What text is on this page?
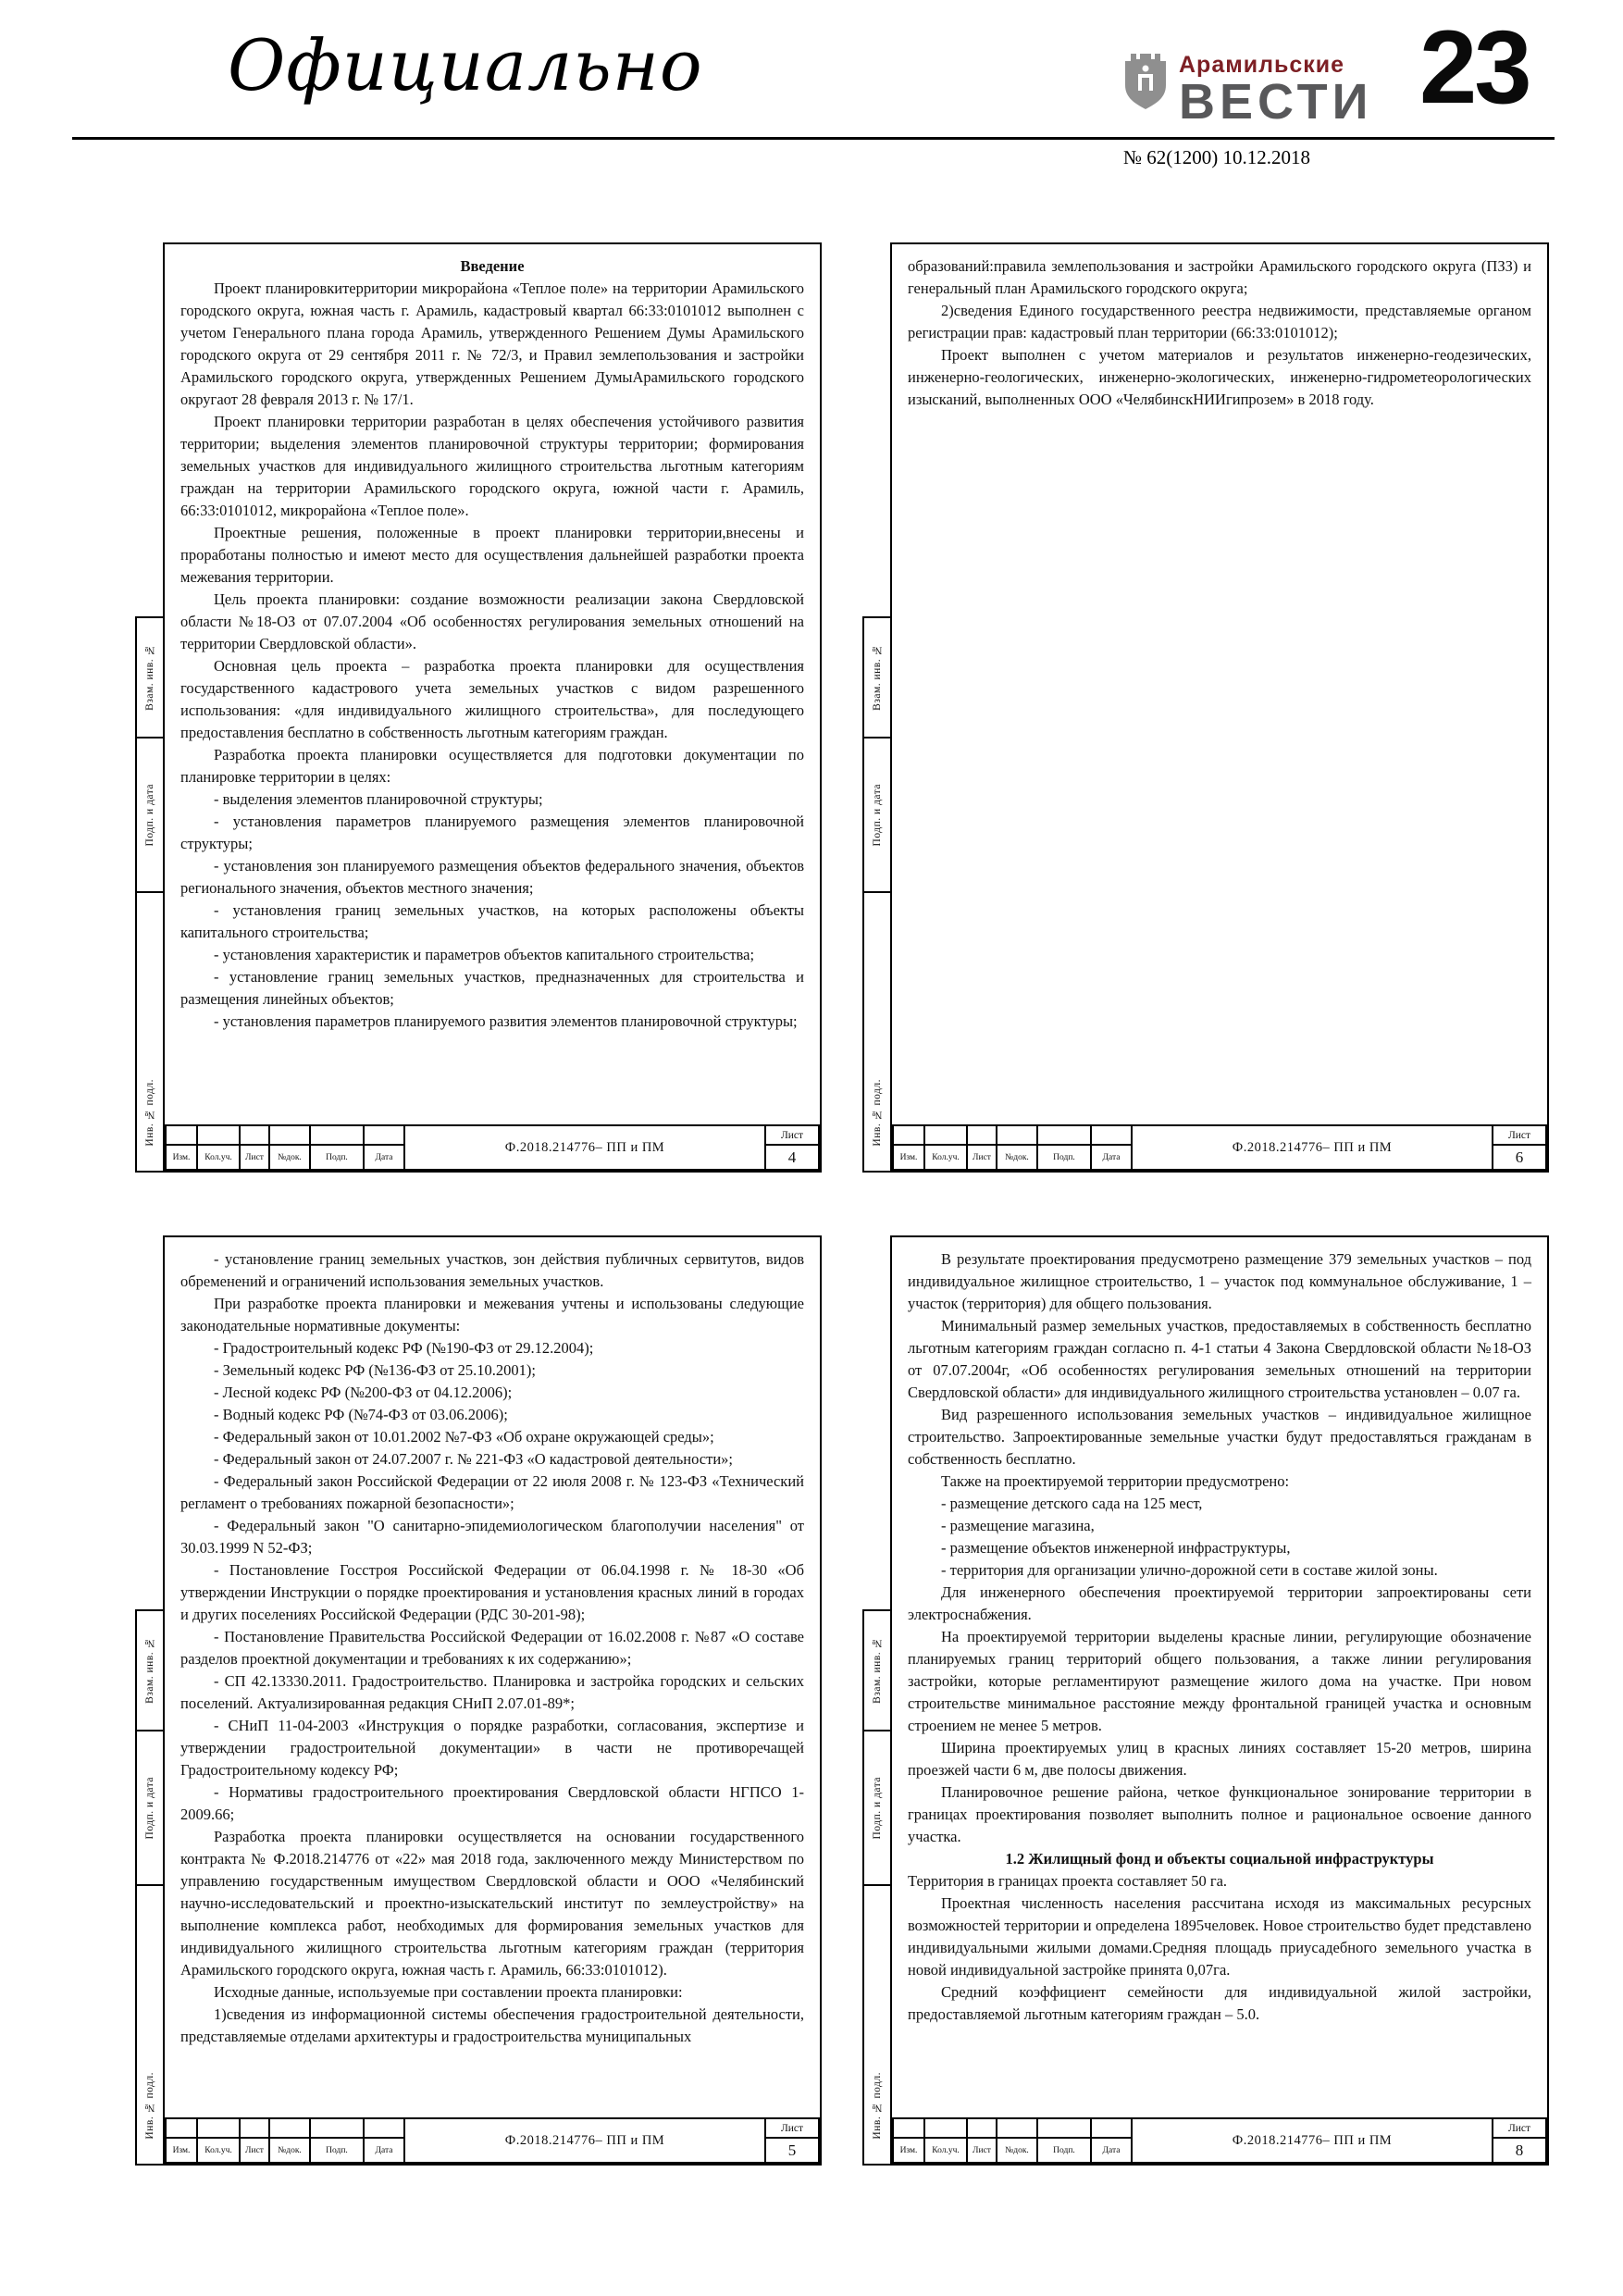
Официально	Арамильские
ВЕСТИ 23
№ 62(1200) 10.12.2018
Взам. инв. №
Подп. и дата
Инв. № подл.

Введение

Проект планировкитерритории микрорайона «Теплое поле» на территории Арамильского городского округа, южная часть г. Арамиль, кадастровый квартал 66:33:0101012 выполнен с учетом Генерального плана города Арамиль, утвержденного Решением Думы Арамильского городского округа от 29 сентября 2011 г. № 72/3, и Правил землепользования и застройки Арамильского городского округа, утвержденных Решением ДумыАрамильского городского округаот 28 февраля 2013 г. № 17/1.

Проект планировки территории разработан в целях обеспечения устойчивого развития территории; выделения элементов планировочной структуры территории; формирования земельных участков для индивидуального жилищного строительства льготным категориям граждан на территории Арамильского городского округа, южной части г. Арамиль, 66:33:0101012, микрорайона «Теплое поле».

Проектные решения, положенные в проект планировки территории,внесены и проработаны полностью и имеют место для осуществления дальнейшей разработки проекта межевания территории.

Цель проекта планировки: создание возможности реализации закона Свердловской области №18-ОЗ от 07.07.2004 «Об особенностях регулирования земельных отношений на территории Свердловской области».

Основная цель проекта – разработка проекта планировки для осуществления государственного кадастрового учета земельных участков с видом разрешенного использования: «для индивидуального жилищного строительства», для последующего предоставления бесплатно в собственность льготным категориям граждан.

Разработка проекта планировки осуществляется для подготовки документации по планировке территории в целях:

- выделения элементов планировочной структуры;

- установления параметров планируемого размещения элементов планировочной структуры;

- установления зон планируемого размещения объектов федерального значения, объектов регионального значения, объектов местного значения;

- установления границ земельных участков, на которых расположены объекты капитального строительства;

- установления характеристик и параметров объектов капитального строительства;

- установление границ земельных участков, предназначенных для строительства и размещения линейных объектов;

- установления параметров планируемого развития элементов планировочной структуры;

						Ф.2018.214776– ПП и ПМ	Лист
Изм.	Кол.уч.	Лист	№док.	Подп.	Дата		4
Взам. инв. №
Подп. и дата
Инв. № подл.

образований:правила землепользования и застройки Арамильского городского округа (ПЗЗ) и генеральный план Арамильского городского округа;

2)сведения Единого государственного реестра недвижимости, представляемые органом регистрации прав: кадастровый план территории (66:33:0101012);

Проект выполнен с учетом материалов и результатов инженерно-геодезических, инженерно-геологических, инженерно-экологических, инженерно-гидрометеорологических изысканий, выполненных ООО «ЧелябинскНИИгипрозем» в 2018 году.

						Ф.2018.214776– ПП и ПМ	Лист
Изм.	Кол.уч.	Лист	№док.	Подп.	Дата		6
Взам. инв. №
Подп. и дата
Инв. № подл.

- установление границ земельных участков, зон действия публичных сервитутов, видов обременений и ограничений использования земельных участков.

При разработке проекта планировки и межевания учтены и использованы следующие законодательные нормативные документы:

- Градостроительный кодекс РФ (№190-ФЗ от 29.12.2004);

- Земельный кодекс РФ (№136-ФЗ от 25.10.2001);

- Лесной кодекс РФ (№200-ФЗ от 04.12.2006);

- Водный кодекс РФ (№74-ФЗ от 03.06.2006);

- Федеральный закон от 10.01.2002 №7-ФЗ «Об охране окружающей среды»;

- Федеральный закон от 24.07.2007 г. № 221-ФЗ «О кадастровой деятельности»;

- Федеральный закон Российской Федерации от 22 июля 2008 г. № 123-ФЗ «Технический регламент о требованиях пожарной безопасности»;

- Федеральный закон "О санитарно-эпидемиологическом благополучии населения" от 30.03.1999 N 52-ФЗ;

- Постановление Госстроя Российской Федерации от 06.04.1998 г. № 18-30 «Об утверждении Инструкции о порядке проектирования и установления красных линий в городах и других поселениях Российской Федерации (РДС 30-201-98);

- Постановление Правительства Российской Федерации от 16.02.2008 г. №87 «О составе разделов проектной документации и требованиях к их содержанию»;

- СП 42.13330.2011. Градостроительство. Планировка и застройка городских и сельских поселений. Актуализированная редакция СНиП 2.07.01-89*;

- СНиП 11-04-2003 «Инструкция о порядке разработки, согласования, экспертизе и утверждении градостроительной документации» в части не противоречащей Градостроительному кодексу РФ;

- Нормативы градостроительного проектирования Свердловской области НГПСО 1-2009.66;

Разработка проекта планировки осуществляется на основании государственного контракта № Ф.2018.214776 от «22» мая 2018 года, заключенного между Министерством по управлению государственным имуществом Свердловской области и ООО «Челябинский научно-исследовательский и проектно-изыскательский институт по землеустройству» на выполнение комплекса работ, необходимых для формирования земельных участков для индивидуального жилищного строительства льготным категориям граждан (территория Арамильского городского округа, южная часть г. Арамиль, 66:33:0101012).

Исходные данные, используемые при составлении проекта планировки:

1)сведения из информационной системы обеспечения градостроительной деятельности, представляемые отделами архитектуры и градостроительства муниципальных

						Ф.2018.214776– ПП и ПМ	Лист
Изм.	Кол.уч.	Лист	№док.	Подп.	Дата		5
Взам. инв. №
Подп. и дата
Инв. № подл.

В результате проектирования предусмотрено размещение 379 земельных участков – под индивидуальное жилищное строительство, 1 – участок под коммунальное обслуживание, 1 – участок (территория) для общего пользования.

Минимальный размер земельных участков, предоставляемых в собственность бесплатно льготным категориям граждан согласно п. 4-1 статьи 4 Закона Свердловской области №18-ОЗ от 07.07.2004г, «Об особенностях регулирования земельных отношений на территории Свердловской области» для индивидуального жилищного строительства установлен – 0.07 га.

Вид разрешенного использования земельных участков – индивидуальное жилищное строительство. Запроектированные земельные участки будут предоставляться гражданам в собственность бесплатно.

Также на проектируемой территории предусмотрено:

- размещение детского сада на 125 мест,

- размещение магазина,

- размещение объектов инженерной инфраструктуры,

- территория для организации улично-дорожной сети в составе жилой зоны.

Для инженерного обеспечения проектируемой территории запроектированы сети электроснабжения.

На проектируемой территории выделены красные линии, регулирующие обозначение планируемых границ территорий общего пользования, а также линии регулирования застройки, которые регламентируют размещение жилого дома на участке. При новом строительстве минимальное расстояние между фронтальной границей участка и основным строением не менее 5 метров.

Ширина проектируемых улиц в красных линиях составляет 15-20 метров, ширина проезжей части 6 м, две полосы движения.

Планировочное решение района, четкое функциональное зонирование территории в границах проектирования позволяет выполнить полное и рациональное освоение данного участка.

1.2 Жилищный фонд и объекты социальной инфраструктуры

Территория в границах проекта составляет 50 га.

Проектная численность населения рассчитана исходя из максимальных ресурсных возможностей территории и определена 1895человек. Новое строительство будет представлено индивидуальными жилыми домами.Средняя площадь приусадебного земельного участка в новой индивидуальной застройке принята 0,07га.

Средний коэффициент семейности для индивидуальной жилой застройки, предоставляемой льготным категориям граждан – 5.0.

						Ф.2018.214776– ПП и ПМ	Лист
Изм.	Кол.уч.	Лист	№док.	Подп.	Дата		8
